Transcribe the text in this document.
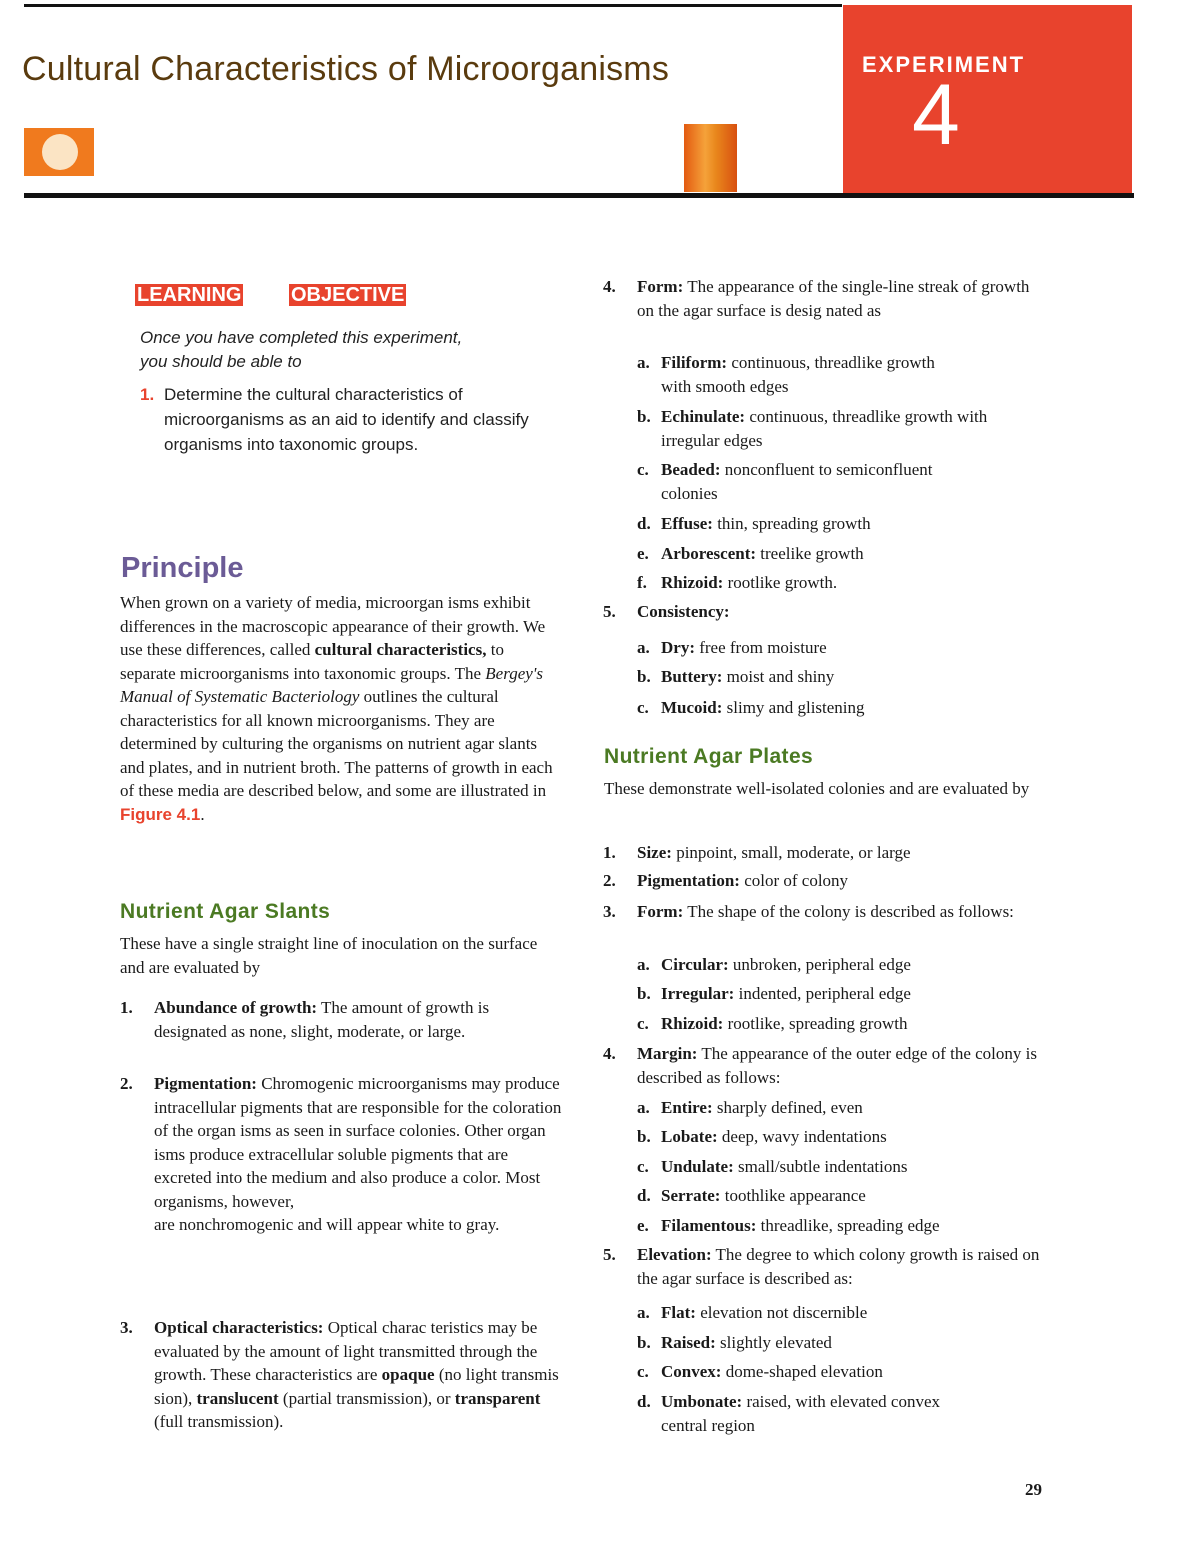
Cultural Characteristics of Microorganisms	EXPERIMENT
4
LEARNING OBJECTIVE
Once you have completed this experiment,
you should be able to
1. Determine the cultural characteristics of microorganisms as an aid to identify and classify organisms into taxonomic groups.
Principle
When grown on a variety of media, microorgan isms exhibit differences in the macroscopic appearance of their growth. We use these differences, called cultural characteristics, to separate microorganisms into taxonomic groups. The Bergey's Manual of Systematic Bacteriology outlines the cultural characteristics for all known microorganisms. They are determined by culturing the organisms on nutrient agar slants and plates, and in nutrient broth. The patterns of growth in each of these media are described below, and some are illustrated in Figure 4.1.
Nutrient Agar Slants
These have a single straight line of inoculation on the surface and are evaluated by
1. Abundance of growth: The amount of growth is designated as none, slight, moderate, or large.
2. Pigmentation: Chromogenic microorganisms may produce intracellular pigments that are responsible for the coloration of the organ isms as seen in surface colonies. Other organ isms produce extracellular soluble pigments that are excreted into the medium and also produce a color. Most organisms, however,
are nonchromogenic and will appear white to gray.
3. Optical characteristics: Optical charac teristics may be evaluated by the amount of light transmitted through the growth. These characteristics are opaque (no light transmis sion), translucent (partial transmission), or transparent (full transmission).
4. Form: The appearance of the single-line streak of growth on the agar surface is desig nated as
a. Filiform: continuous, threadlike growth with smooth edges
b. Echinulate: continuous, threadlike growth with irregular edges
c. Beaded: nonconfluent to semiconfluent colonies
d. Effuse: thin, spreading growth
e. Arborescent: treelike growth
f. Rhizoid: rootlike growth.
5. Consistency:
a. Dry: free from moisture
b. Buttery: moist and shiny
c. Mucoid: slimy and glistening
Nutrient Agar Plates
These demonstrate well-isolated colonies and are evaluated by
1. Size: pinpoint, small, moderate, or large
2. Pigmentation: color of colony
3. Form: The shape of the colony is described as follows:
a. Circular: unbroken, peripheral edge
b. Irregular: indented, peripheral edge
c. Rhizoid: rootlike, spreading growth
4. Margin: The appearance of the outer edge of the colony is described as follows:
a. Entire: sharply defined, even
b. Lobate: deep, wavy indentations
c. Undulate: small/subtle indentations
d. Serrate: toothlike appearance
e. Filamentous: threadlike, spreading edge
5. Elevation: The degree to which colony growth is raised on the agar surface is described as:
a. Flat: elevation not discernible
b. Raised: slightly elevated
c. Convex: dome-shaped elevation
d. Umbonate: raised, with elevated convex central region
29
